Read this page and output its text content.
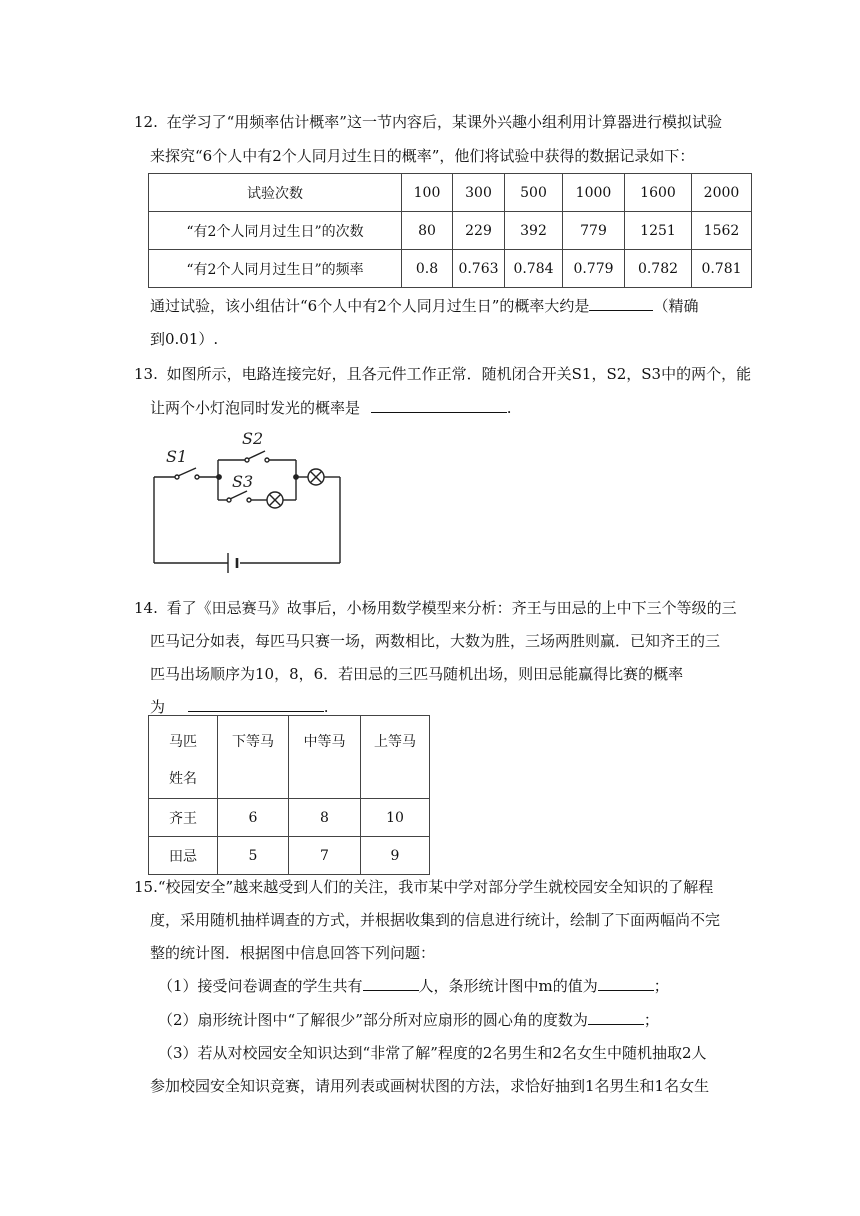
12. 在学习了“用频率估计概率”这一节内容后，某课外兴趣小组利用计算器进行模拟试验
来探究“6个人中有2个人同月过生日的概率”，他们将试验中获得的数据记录如下：
试验次数	100	300	500	1000	1600	2000
“有2个人同月过生日”的次数	80	229	392	779	1251	1562
“有2个人同月过生日”的频率	0.8	0.763	0.784	0.779	0.782	0.781
通过试验，该小组估计“6个人中有2个人同月过生日”的概率大约是	（精确
到0.01）.
13. 如图所示，电路连接完好，且各元件工作正常．随机闭合开关S1，S2，S3中的两个，能
让两个小灯泡同时发光的概率是	.
S1
S2
S3
14. 看了《田忌赛马》故事后，小杨用数学模型来分析：齐王与田忌的上中下三个等级的三
匹马记分如表，每匹马只赛一场，两数相比，大数为胜，三场两胜则赢．已知齐王的三
匹马出场顺序为10，8，6．若田忌的三匹马随机出场，则田忌能赢得比赛的概率
为	.
马匹
姓名	下等马	中等马	上等马
齐王	6	8	10
田忌	5	7	9
15.“校园安全”越来越受到人们的关注，我市某中学对部分学生就校园安全知识的了解程
度，采用随机抽样调查的方式，并根据收集到的信息进行统计，绘制了下面两幅尚不完
整的统计图．根据图中信息回答下列问题：
（1）接受问卷调查的学生共有	人，条形统计图中m的值为	；
（2）扇形统计图中“了解很少”部分所对应扇形的圆心角的度数为	；
（3）若从对校园安全知识达到“非常了解”程度的2名男生和2名女生中随机抽取2人
参加校园安全知识竞赛，请用列表或画树状图的方法，求恰好抽到1名男生和1名女生
